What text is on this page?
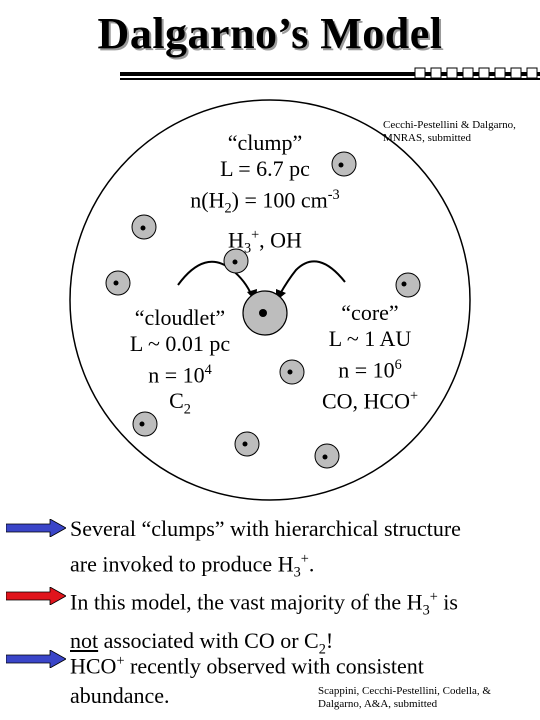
Dalgarno’s Model
Cecchi-Pestellini & Dalgarno,
MNRAS, submitted
“clump”
L = 6.7 pc
$n(H_2) = 100$ $cm^{-3}$
$H_3^+$, OH
“cloudlet”
L ~ 0.01 pc
$n = 10^4$
$C_2$
“core”
L ~ 1 AU
$n = 10^6$
CO, HCO+
Several “clumps” with hierarchical structure
are invoked to produce $H_3^+$.
In this model, the vast majority of the $H_3^+$ is
not associated with CO or $C_2$!
HCO+ recently observed with consistent
abundance.	Scappini, Cecchi-Pestellini, Codella, &
Dalgarno, A&A, submitted
